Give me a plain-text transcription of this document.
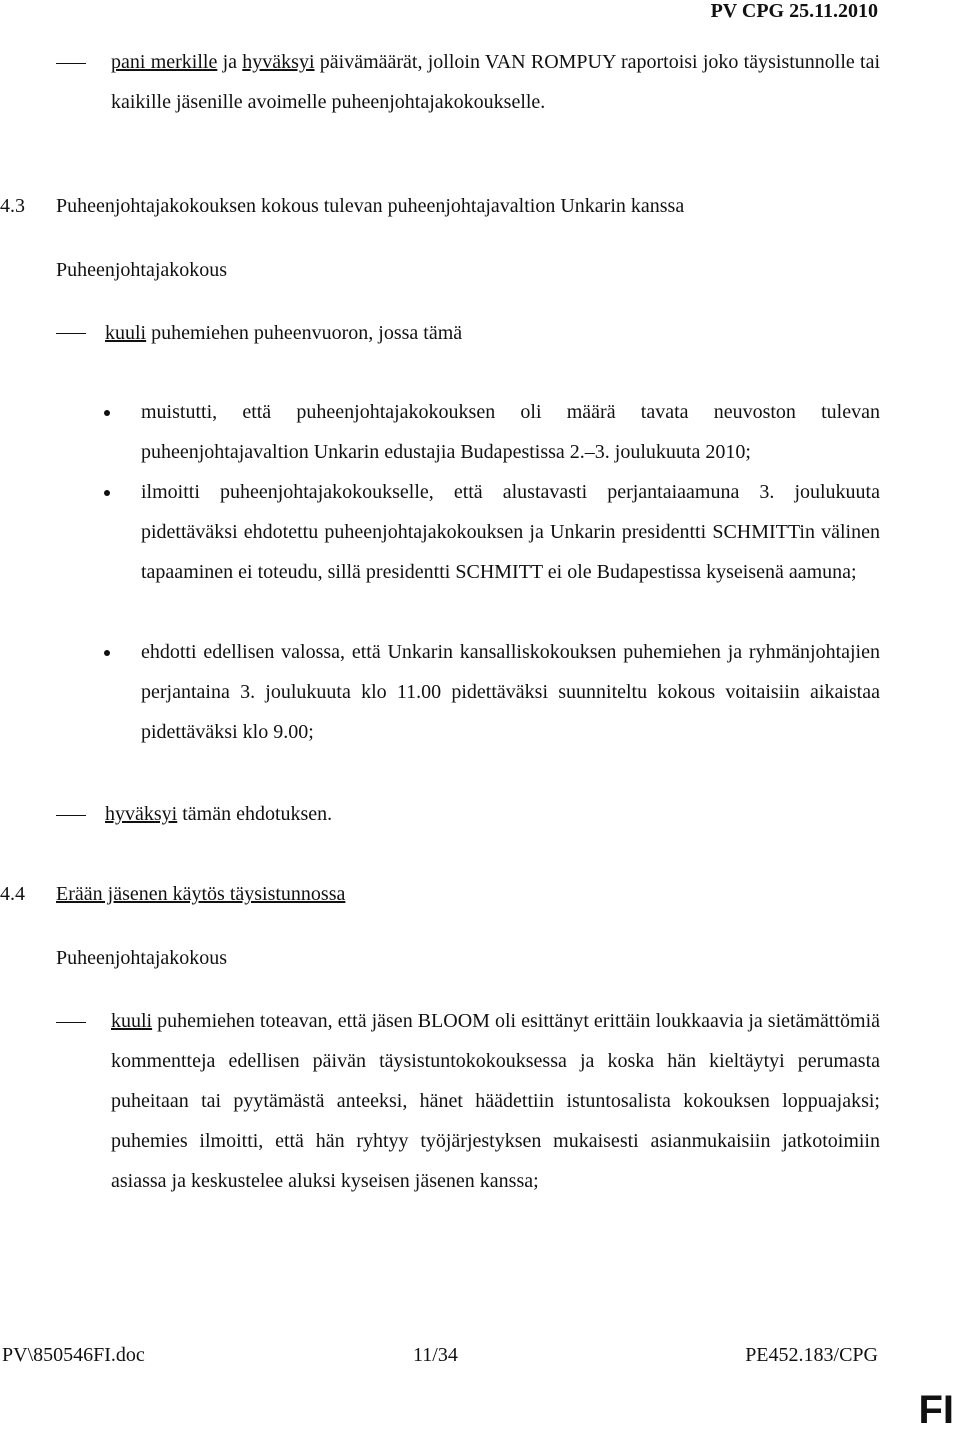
PV CPG 25.11.2010

pani merkille ja hyväksyi päivämäärät, jolloin VAN ROMPUY raportoisi joko täysistunnolle tai kaikille jäsenille avoimelle puheenjohtajakokoukselle.

4.3 Puheenjohtajakokouksen kokous tulevan puheenjohtajavaltion Unkarin kanssa
Puheenjohtajakokous
kuuli puhemiehen puheenvuoron, jossa tämä

muistutti, että puheenjohtajakokouksen oli määrä tavata neuvoston tulevan puheenjohtajavaltion Unkarin edustajia Budapestissa 2.–3. joulukuuta 2010;

ilmoitti puheenjohtajakokoukselle, että alustavasti perjantaiaamuna 3. joulukuuta pidettäväksi ehdotettu puheenjohtajakokouksen ja Unkarin presidentti SCHMITTin välinen tapaaminen ei toteudu, sillä presidentti SCHMITT ei ole Budapestissa kyseisenä aamuna;

ehdotti edellisen valossa, että Unkarin kansalliskokouksen puhemiehen ja ryhmänjohtajien perjantaina 3. joulukuuta klo 11.00 pidettäväksi suunniteltu kokous voitaisiin aikaistaa pidettäväksi klo 9.00;

hyväksyi tämän ehdotuksen.
4.4 Erään jäsenen käytös täysistunnossa
Puheenjohtajakokous

kuuli puhemiehen toteavan, että jäsen BLOOM oli esittänyt erittäin loukkaavia ja sietämättömiä kommentteja edellisen päivän täysistuntokokouksessa ja koska hän kieltäytyi perumasta puheitaan tai pyytämästä anteeksi, hänet häädettiin istuntosalista kokouksen loppuajaksi; puhemies ilmoitti, että hän ryhtyy työjärjestyksen mukaisesti asianmukaisiin jatkotoimiin asiassa ja keskustelee aluksi kyseisen jäsenen kanssa;

PV\850546FI.doc	11/34	PE452.183/CPG
FI
